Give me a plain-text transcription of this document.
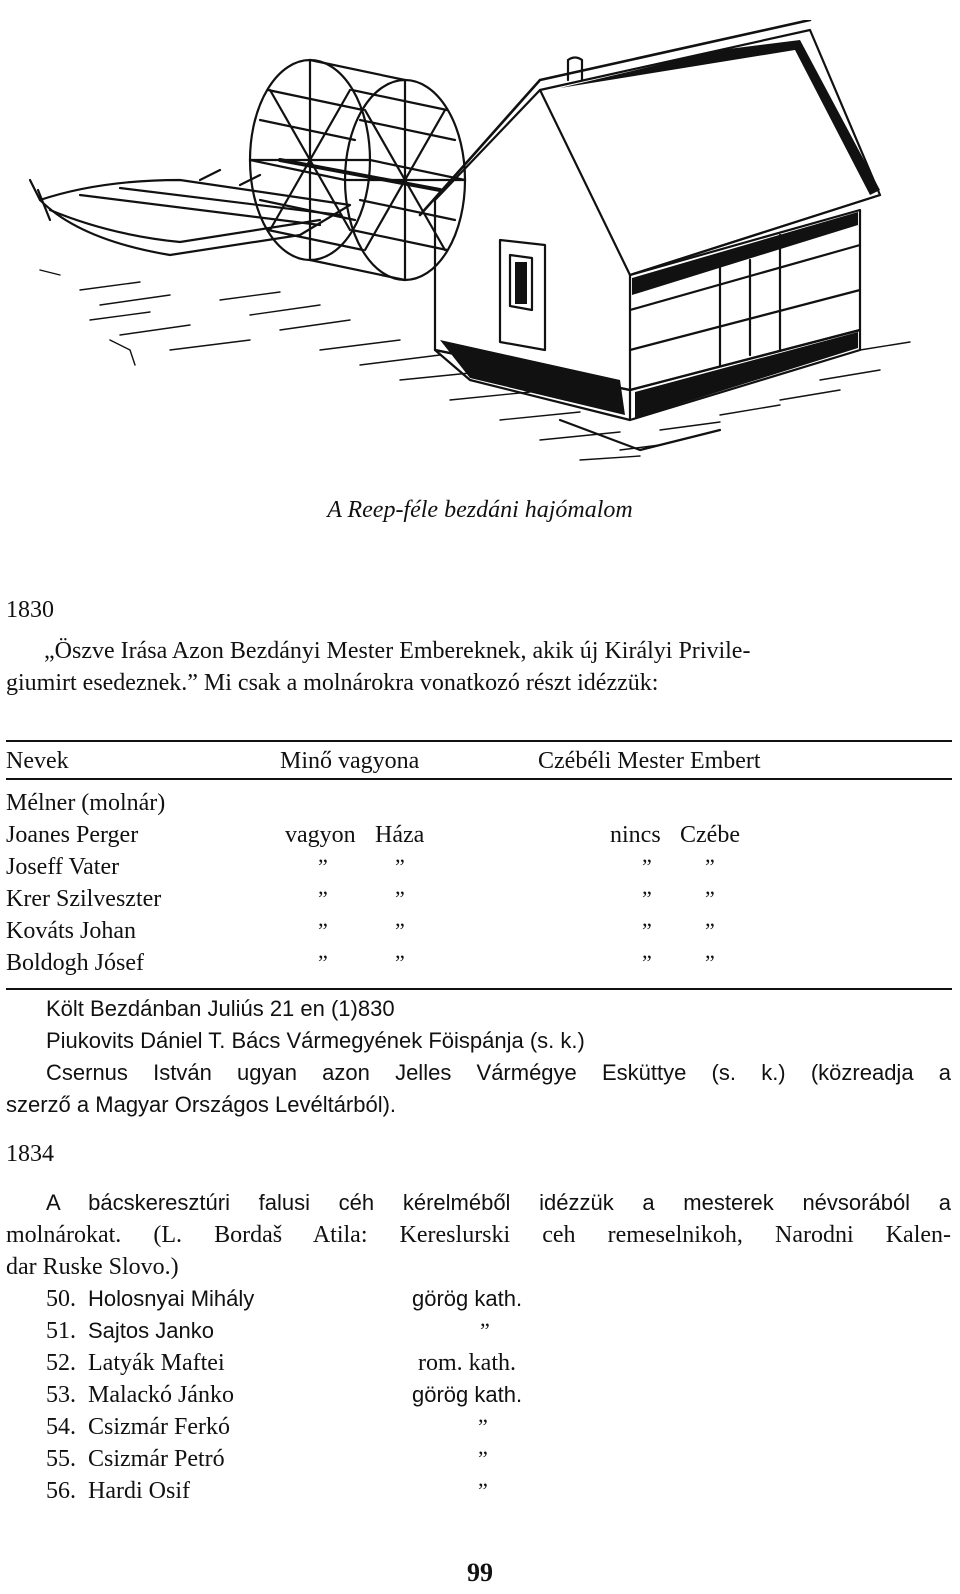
A Reep-féle bezdáni hajómalom
1830
„Öszve Irása Azon Bezdányi Mester Embereknek, akik új Királyi Privile-
giumirt esedeznek.” Mi csak a molnárokra vonatkozó részt idézzük:
Nevek	Minő vagyona	Czébéli Mester Embert
Mélner (molnár)
Joanes Perger	vagyon Háza	nincs Czébe
Joseff Vater	”	”	” ”
Krer Szilveszter	”	”	” ”
Kováts Johan	”	”	” ”
Boldogh Jósef	”	”	” ”
Költ Bezdánban Juliús 21 en (1)830
Piukovits Dániel T. Bács Vármegyének Föispánja (s. k.)
Csernus István ugyan azon Jelles Vármégye Esküttye (s. k.) (közreadja a
szerző a Magyar Országos Levéltárból).
1834
A bácskeresztúri falusi céh kérelméből idézzük a mesterek névsorából a
molnárokat. (L. Bordaš Atila: Kereslurski ceh remeselnikoh, Narodni Kalen-
dar Ruske Slovo.)
50. Holosnyai Mihály	görög kath.
51. Sajtos Janko	”
52. Latyák Maftei	rom. kath.
53. Malackó Jánko	görög kath.
54. Csizmár Ferkó	”
55. Csizmár Petró	”
56. Hardi Osif	”
99
